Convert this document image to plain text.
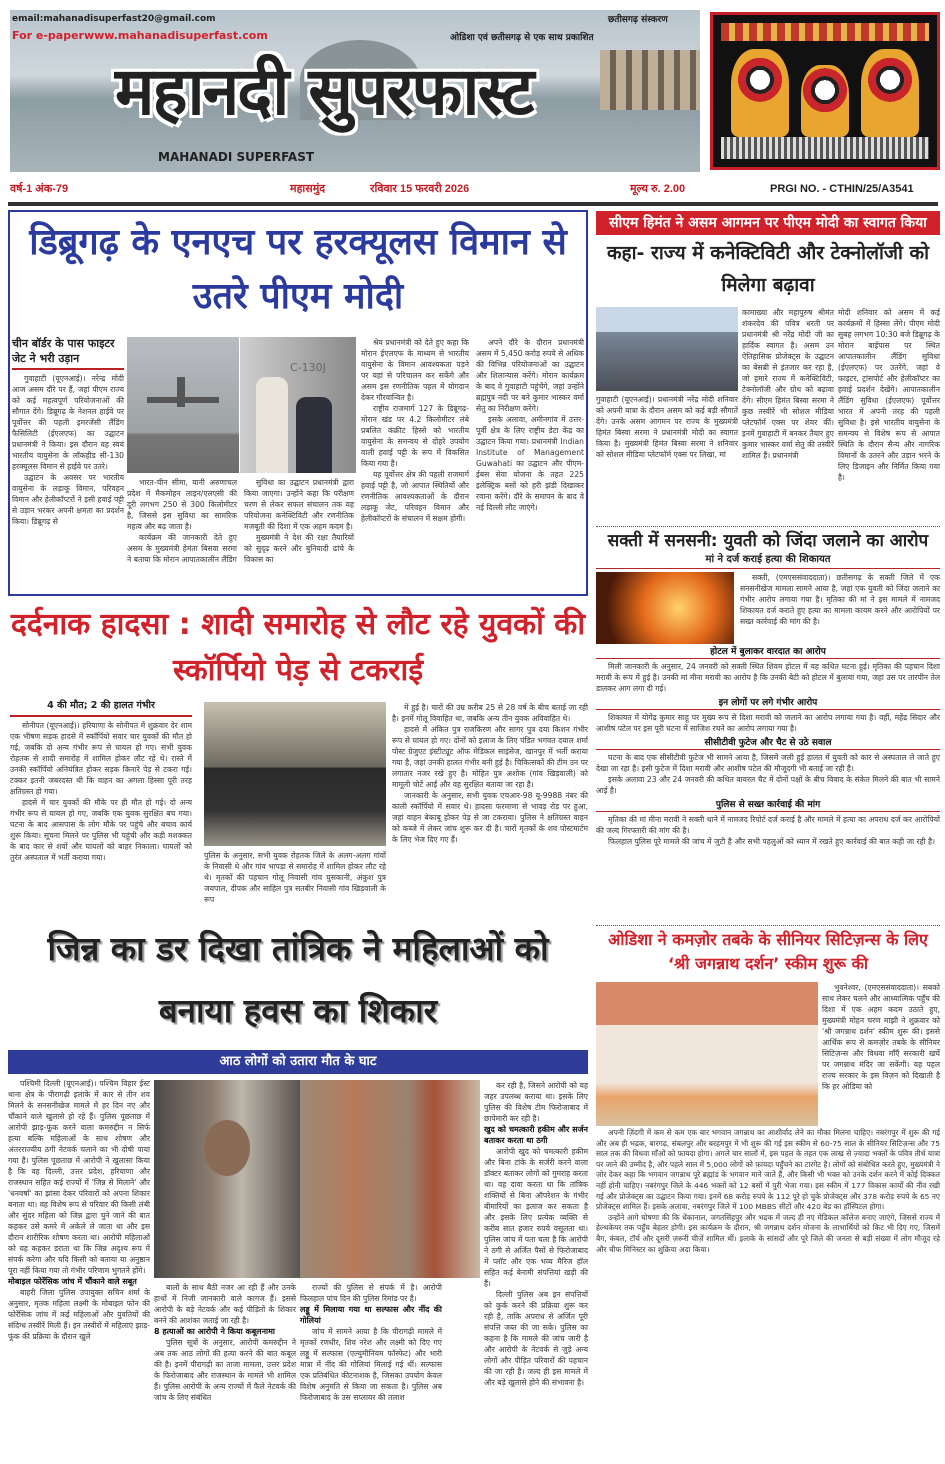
email:mahanadisuperfast20@gmail.com
For e-paperwww.mahanadisuperfast.com
छतीसगढ़ संस्करण
ओडिशा एवं छतीसगढ़ से एक साथ प्रकाशित
महानदी सुपरफास्ट
MAHANADI SUPERFAST
वर्ष-1 अंक-79	महासमुंद	रविवार 15 फरवरी 2026	मूल्य रु. 2.00	PRGI NO. - CTHIN/25/A3541
डिब्रूगढ़ के एनएच पर हरक्यूलस विमान से उतरे पीएम मोदी
चीन बॉर्डर के पास फाइटर जेट ने भरी उड़ान

गुवाहाटी (यूएनआई)। नरेन्द्र मोदी आज असम दौरे पर हैं, जहां पीएम राज्य को कई महत्वपूर्ण परियोजनाओं की सौगात देंगे। डिब्रूगढ़ के नेशनल हाईवे पर पूर्वोत्तर की पहली इमरजेंसी लैंडिंग फैसिलिटी (ईएलएफ) का उद्घाटन प्रधानमंत्री ने किया। इस दौरान वह स्वयं भारतीय वायुसेना के लॉकहीड सी-130 हरक्यूलस विमान से हाईवे पर उतरे।

उद्घाटन के अवसर पर भारतीय वायुसेना के लड़ाकू विमान, परिवहन विमान और हेलीकॉप्टरों ने इसी हवाई पट्टी से उड़ान भरकर अपनी क्षमता का प्रदर्शन किया। डिब्रूगढ़ से

C-130J

भारत-चीन सीमा, यानी अरुणाचल प्रदेश में मैकमोहन लाइन/एलएसी की दूरी लगभग 250 से 300 किलोमीटर है, जिससे इस सुविधा का सामरिक महत्व और बढ़ जाता है।

कार्यक्रम की जानकारी देते हुए असम के मुख्यमंत्री हेमंता बिसवा सरमा ने बताया कि मोरान आपातकालीन लैंडिंग

सुविधा का उद्घाटन प्रधानमंत्री द्वारा किया जाएगा। उन्होंने कहा कि परीक्षण चरण से लेकर सफल संचालन तक यह परियोजना कनेक्टिविटी और रणनीतिक मजबूती की दिशा में एक अहम कदम है।

मुख्यमंत्री ने देश की रक्षा तैयारियों को सुदृढ़ करने और बुनियादी ढांचे के विकास का

श्रेय प्रधानमंत्री को देते हुए कहा कि मोरान ईएलएफ के माध्यम से भारतीय वायुसेना के विमान आवश्यकता पड़ने पर यहां से परिचालन कर सकेंगे और असम इस रणनीतिक पहल में योगदान देकर गौरवान्वित है।

राष्ट्रीय राजमार्ग 127 के डिब्रूगढ़-मोरान खंड पर 4.2 किलोमीटर लंबे प्रबलित कंक्रीट हिस्से को भारतीय वायुसेना के समन्वय से दोहरे उपयोग वाली हवाई पट्टी के रूप में विकसित किया गया है।

यह पूर्वोत्तर क्षेत्र की पहली राजमार्ग हवाई पट्टी है, जो आपात स्थितियों और रणनीतिक आवश्यकताओं के दौरान लड़ाकू जेट, परिवहन विमान और हेलीकॉप्टरों के संचालन में सक्षम होगी।

अपने दौरे के दौरान प्रधानमंत्री असम में 5,450 करोड़ रुपये से अधिक की विभिन्न परियोजनाओं का उद्घाटन और शिलान्यास करेंगे। मोरान कार्यक्रम के बाद वे गुवाहाटी पहुंचेंगे, जहां उन्होंने ब्रह्मपुत्र नदी पर बने कुमार भास्कर वर्मा सेतु का निरीक्षण करेंगे।

इसके अलावा, अमीनगांव में उत्तर-पूर्वी क्षेत्र के लिए राष्ट्रीय डेटा केंद्र का उद्घाटन किया गया। प्रधानमंत्री Indian Institute of Management Guwahati का उद्घाटन और पीएम-ईबस सेवा योजना के तहत 225 इलेक्ट्रिक बसों को हरी झंडी दिखाकर रवाना करेंगे। दौरे के समापन के बाद वे नई दिल्ली लौट जाएंगे।

सीएम हिमंत ने असम आगमन पर पीएम मोदी का स्वागत किया
कहा- राज्य में कनेक्टिविटी और टेक्नोलॉजी को मिलेगा बढ़ावा
गुवाहाटी (यूएनआई)। प्रधानमंत्री नरेंद्र मोदी शनिवार को अपनी यात्रा के दौरान असम को कई बड़ी सौगातें देंगे। उनके असम आगमन पर राज्य के मुख्यमंत्री हिमंत बिस्वा सरमा ने प्रधानमंत्री मोदी का स्वागत किया है। मुख्यमंत्री हिमंत बिस्वा सरमा ने शनिवार को सोशल मीडिया प्लेटफॉर्म एक्स पर लिखा, मां
कामाख्या और महापुरुष श्रीमंत शंकरदेव की पवित्र धरती पर प्रधानमंत्री श्री नरेंद्र मोदी जी का हार्दिक स्वागत है। असम उन ऐतिहासिक प्रोजेक्ट्स के उद्घाटन का बेसब्री से इंतजार कर रहा है, जो हमारे राज्य में कनेक्टिविटी, टेक्नोलॉजी और ग्रोथ को बढ़ावा देंगे। सीएम हिमंत बिस्वा सरमा ने कुछ तस्वीरें भी सोशल मीडिया प्लेटफॉर्म एक्स पर शेयर कीं। इनमें गुवाहाटी में बनकर तैयार हुए कुमार भास्कर वर्मा सेतु की तस्वीरें शामिल हैं। प्रधानमंत्री
मोदी शनिवार को असम में कई कार्यक्रमों में हिस्सा लेंगे। पीएम मोदी सुबह लगभग 10:30 बजे डिब्रूगढ़ के मोरान बाईपास पर स्थित आपातकालीन लैंडिंग सुविधा (ईएलएफ) पर उतरेंगे, जहां वे फाइटर, ट्रांसपोर्ट और हेलीकॉप्टर का हवाई प्रदर्शन देखेंगे। आपातकालीन लैंडिंग सुविधा (ईएलएफ) पूर्वोत्तर भारत में अपनी तरह की पहली सुविधा है। इसे भारतीय वायुसेना के समन्वय से विशेष रूप से आपात स्थिति के दौरान सैन्य और नागरिक विमानों के उतरने और उड़ान भरने के लिए डिजाइन और निर्मित किया गया है।
दर्दनाक हादसा : शादी समारोह से लौट रहे युवकों की स्कॉर्पियो पेड़ से टकराई
4 की मौत; 2 की हालत गंभीर

सोनीपत (यूएनआई)। हरियाणा के सोनीपत में शुक्रवार देर शाम एक भीषण सड़क हादसे में स्कॉर्पियो सवार चार युवकों की मौत हो गई, जबकि दो अन्य गंभीर रूप से घायल हो गए। सभी युवक रोहतक से शादी समारोह में शामिल होकर लौट रहे थे। रास्ते में उनकी स्कॉर्पियो अनियंत्रित होकर सड़क किनारे पेड़ से टकरा गई। टक्कर इतनी जबरदस्त थी कि वाहन का अगला हिस्सा पूरी तरह क्षतिग्रस्त हो गया।

हादसे में चार युवकों की मौके पर ही मौत हो गई। दो अन्य गंभीर रूप से घायल हो गए, जबकि एक युवक सुरक्षित बच गया। घटना के बाद आसपास के लोग मौके पर पहुंचे और बचाव कार्य शुरू किया। सूचना मिलने पर पुलिस भी पहुंची और कड़ी मशक्कत के बाद कार से शवों और घायलों को बाहर निकाला। घायलों को तुरंत अस्पताल में भर्ती कराया गया।	पुलिस के अनुसार, सभी युवक रोहतक जिले के अलग-अलग गांवों के निवासी थे और गांव भापड़ा से समारोह में शामिल होकर लौट रहे थे। मृतकों की पहचान गोलू निवासी गांव घुसकानी, अंकुश पुत्र जयपाल, दीपक और साहिल पुत्र सतबीर निवासी गांव खिड़वाली के रूप

में हुई है। चारों की उम्र करीब 25 से 28 वर्ष के बीच बताई जा रही है। इनमें गोलू विवाहित था, जबकि अन्य तीन युवक अविवाहित थे।

हादसे में अंकित पुत्र राजकिरण और सागर पुत्र दया किशन गंभीर रूप से घायल हो गए। दोनों को इलाज के लिए पंडित भगवत दयाल शर्मा पोस्ट ग्रेजुएट इंस्टीट्यूट ऑफ मेडिकल साइंसेज, खानपुर में भर्ती कराया गया है, जहां उनकी हालत गंभीर बनी हुई है। चिकित्सकों की टीम उन पर लगातार नजर रखे हुए है। मोहित पुत्र अशोक (गांव खिड़वाली) को मामूली चोटें आईं और वह सुरक्षित बताया जा रहा है।

जानकारी के अनुसार, सभी युवक एचआर-98 यू-9988 नंबर की काली स्कॉर्पियो में सवार थे। हादसा फरमाणा से भावड़ रोड पर हुआ, जहां वाहन बेकाबू होकर पेड़ से जा टकराया। पुलिस ने क्षतिग्रस्त वाहन को कब्जे में लेकर जांच शुरू कर दी है। चारों मृतकों के शव पोस्टमार्टम के लिए भेज दिए गए हैं।

सक्ती में सनसनी: युवती को जिंदा जलाने का आरोप
मां ने दर्ज कराई हत्या की शिकायत

सक्ती, (एमएससंवाददाता)। छतीसगढ़ के सक्ती जिले में एक सनसनीखेज मामला सामने आया है, जहां एक युवती को जिंदा जलाने का गंभीर आरोप लगाया गया है। मृतिका की मां ने इस मामले में नामजद शिकायत दर्ज कराते हुए हत्या का मामला कायम करने और आरोपियों पर सख्त कार्रवाई की मांग की है।

होटल में बुलाकर वारदात का आरोप

मिली जानकारी के अनुसार, 24 जनवरी को सक्ती स्थित शिवम होटल में यह कथित घटना हुई। मृतिका की पहचान दिशा मरावी के रूप में हुई है। उनकी मां मीना मरावी का आरोप है कि उनकी बेटी को होटल में बुलाया गया, जहां उस पर तारपीन तेल डालकर आग लगा दी गई।

इन लोगों पर लगे गंभीर आरोप

शिकायत में योगेंद्र कुमार साहू पर मुख्य रूप से दिशा मरावी को जलाने का आरोप लगाया गया है। वहीं, महेंद्र सिदार और आशीष पटेल पर इस पूरी घटना में साजिश रचने का आरोप लगाया गया है।

सीसीटीवी फुटेज और चैट से उठे सवाल

घटना के बाद एक सीसीटीवी फुटेज भी सामने आया है, जिसमें जली हुई हालत में युवती को कार से अस्पताल ले जाते हुए देखा जा रहा है। इसी फुटेज में दिशा मरावी और आशीष पटेल की मौजूदगी भी बताई जा रही है।

इसके अलावा 23 और 24 जनवरी की कथित वायरल चैट में दोनों पक्षों के बीच विवाद के संकेत मिलने की बात भी सामने आई है।

पुलिस से सख्त कार्रवाई की मांग

मृतिका की मां मीना मरावी ने सक्ती थाने में नामजद रिपोर्ट दर्ज कराई है और मामले में हत्या का अपराध दर्ज कर आरोपियों की जल्द गिरफ्तारी की मांग की है।

फिलहाल पुलिस पूरे मामले की जांच में जुटी है और सभी पहलुओं को ध्यान में रखते हुए कार्रवाई की बात कही जा रही है।

जिन्न का डर दिखा तांत्रिक ने महिलाओं को बनाया हवस का शिकार
आठ लोगों को उतारा मौत के घाट

पश्चिमी दिल्ली (यूएनआई)। पश्चिम विहार ईस्ट थाना क्षेत्र के पीरागढ़ी इलाके में कार से तीन शव मिलने के सनसनीखेज मामले में हर दिन नए और चौंकाने वाले खुलासे हो रहे हैं। पुलिस पूछताछ में आरोपी झाड़-फूंक करने वाला कमरुद्दीन न सिर्फ हत्या बल्कि महिलाओं के साथ शोषण और अंतरराज्यीय ठगी नेटवर्क चलाने का भी दोषी पाया गया है। पुलिस पूछताछ में आरोपी ने खुलासा किया है कि वह दिल्ली, उत्तर प्रदेश, हरियाणा और राजस्थान सहित कई राज्यों में 'जिन्न से मिलाने' और 'धनवर्षा' का झांसा देकर परिवारों को अपना शिकार बनाता था। वह विशेष रूप से परिवार की किसी लंबी और सुंदर महिला को जिन्न द्वारा चुने जाने की बात कहकर उसे कमरे में अकेले ले जाता था और इस दौरान शारीरिक शोषण करता था। आरोपी महिलाओं को यह कहकर डराता था कि जिन्न अदृश्य रूप में संपर्क करेगा और यदि किसी को बताया या अनुष्ठान पूरा नहीं किया गया तो गंभीर परिणाम भुगतने होंगे।

मोबाइल फोरेंसिक जांच में चौंकाने वाले सबूत

बाहरी जिला पुलिस उपायुक्त सचिन शर्मा के अनुसार, मृतक महिला लक्ष्मी के मोबाइल फोन की फोरेंसिक जांच में कई महिलाओं और युवतियों की संदिग्ध तस्वीरें मिली हैं। इन तस्वीरों में महिलाएं झाड़-फूंक की प्रक्रिया के दौरान खुले

बालों के साथ बैठी नजर आ रही हैं और उनके हाथों में निजी जानकारी वाले कागज हैं। इससे आरोपी के बड़े नेटवर्क और कई पीड़ितों के शिकार बनने की आशंका जताई जा रही है।

8 हत्याओं का आरोपी ने किया कबूलनामा

पुलिस सूत्रों के अनुसार, आरोपी कमरुद्दीन ने अब तक आठ लोगों की हत्या करने की बात कबूल की है। इनमें पीरागढ़ी का ताजा मामला, उत्तर प्रदेश के फिरोजाबाद और राजस्थान के मामले भी शामिल हैं। पुलिस आरोपी के अन्य राज्यों में फैले नेटवर्क की जांच के लिए संबंधित

राज्यों की पुलिस से संपर्क में है। आरोपी फिलहाल पांच दिन की पुलिस रिमांड पर है।

लड्डू में मिलाया गया था सल्फास और नींद की गोलियां

जांच में सामने आया है कि पीरागढ़ी मामले में मृतकों रणधीर, शिव नरेश और लक्ष्मी को दिए गए लड्डू में सल्फास (एल्युमीनियम फॉस्फेट) और भारी मात्रा में नींद की गोलियां मिलाई गई थीं। सल्फास एक प्रतिबंधित कीटनाशक है, जिसका उपयोग केवल विशेष अनुमति से किया जा सकता है। पुलिस अब फिरोजाबाद के उस सप्लायर की तलाश

कर रही है, जिसने आरोपी को यह जहर उपलब्ध कराया था। इसके लिए पुलिस की विशेष टीम फिरोजाबाद में छापेमारी कर रही है।

खुद को चमत्कारी हकीम और सर्जन बताकर करता था ठगी

आरोपी खुद को चमत्कारी हकीम और बिना टांके के सर्जरी करने वाला डॉक्टर बताकर लोगों को गुमराह करता था। वह दावा करता था कि तांत्रिक शक्तियों से बिना ऑपरेशन के गंभीर बीमारियों का इलाज कर सकता है और इसके लिए प्रत्येक व्यक्ति से करीब सात हजार रुपये वसूलता था। पुलिस जांच में पता चला है कि आरोपी ने ठगी से अर्जित पैसों से फिरोजाबाद में प्लॉट और एक भव्य मैरिज हॉल सहित कई बेनामी संपत्तियां खड़ी की हैं।

दिल्ली पुलिस अब इन संपत्तियों को कुर्क करने की प्रक्रिया शुरू कर रही है, ताकि अपराध से अर्जित पूरी संपत्ति जब्त की जा सके। पुलिस का कहना है कि मामले की जांच जारी है और आरोपी के नेटवर्क से जुड़े अन्य लोगों और पीड़ित परिवारों की पहचान की जा रही है। जल्द ही इस मामले में और बड़े खुलासे होने की संभावना है।

ओडिशा ने कमज़ोर तबके के सीनियर सिटिज़न्स के लिए ‘श्री जगन्नाथ दर्शन’ स्कीम शुरू की

भुवनेश्वर, (एमएससंवाददाता)। सबको साथ लेकर चलने और आध्यात्मिक पहुँच की दिशा में एक अहम कदम उठाते हुए, मुख्यमंत्री मोहन चरण माझी ने शुक्रवार को 'श्री जगन्नाथ दर्शन' स्कीम शुरू की। इससे आर्थिक रूप से कमज़ोर तबके के सीनियर सिटिज़न्स और विधवा माँएँ सरकारी खर्चे पर जगन्नाथ मंदिर जा सकेंगी। यह पहल राज्य सरकार के इस विज़न को दिखाती है कि हर ओडिया को

अपनी ज़िंदगी में कम से कम एक बार भगवान जगन्नाथ का आशीर्वाद लेने का मौका मिलना चाहिए। नबरंगपुर में शुरू की गई और अब ही भद्रक, बारगढ़, संबलपुर और बरहमपुर में भी शुरू की गई इस स्कीम से 60-75 साल के सीनियर सिटिज़न्स और 75 साल तक की विधवा माँओं को फ़ायदा होगा। अगले चार सालों में, इस पहल के तहत एक लाख से ज़्यादा भक्तों के पवित्र तीर्थ यात्रा पर जाने की उम्मीद है, और पहले साल में 5,000 लोगों को फ़ायदा पहुँचने का टारगेट है। लोगों को संबोधित करते हुए, मुख्यमंत्री ने ज़ोर देकर कहा कि भगवान जगन्नाथ पूरे ब्रह्मांड के भगवान माने जाते हैं, और किसी भी भक्त को उनके दर्शन करने में कोई दिक्कत नहीं होनी चाहिए। नबरंगपुर जिले के 446 भक्तों को 12 बसों में पुरी भेजा गया। इस स्कीम में 177 विकास कार्यों की नींव रखी गई और प्रोजेक्ट्स का उद्घाटन किया गया। इनमें 68 करोड़ रुपये के 112 पूरे हो चुके प्रोजेक्ट्स और 378 करोड़ रुपये के 65 नए प्रोजेक्ट्स शामिल हैं। इसके अलावा, नबरंगपुर जिले में 100 MBBS सीटों और 420 बेड का हॉस्पिटल होगा।

उन्होंने आगे घोषणा की कि धेंकानाल, जगतसिंहपुर और भद्रक में जल्द ही नए मेडिकल कॉलेज बनाए जाएंगे, जिससे राज्य में हेल्थकेयर तक पहुँच बेहतर होगी। इस कार्यक्रम के दौरान, श्री जगन्नाथ दर्शन योजना के लाभार्थियों को किट भी दिए गए, जिसमें बैग, कंबल, टॉर्च और दूसरी ज़रूरी चीज़ें शामिल थीं। इलाके के सांसदों और पूरे जिले की जनता से बड़ी संख्या में लोग मौजूद रहे और चीफ मिनिस्टर का शुक्रिया अदा किया।
